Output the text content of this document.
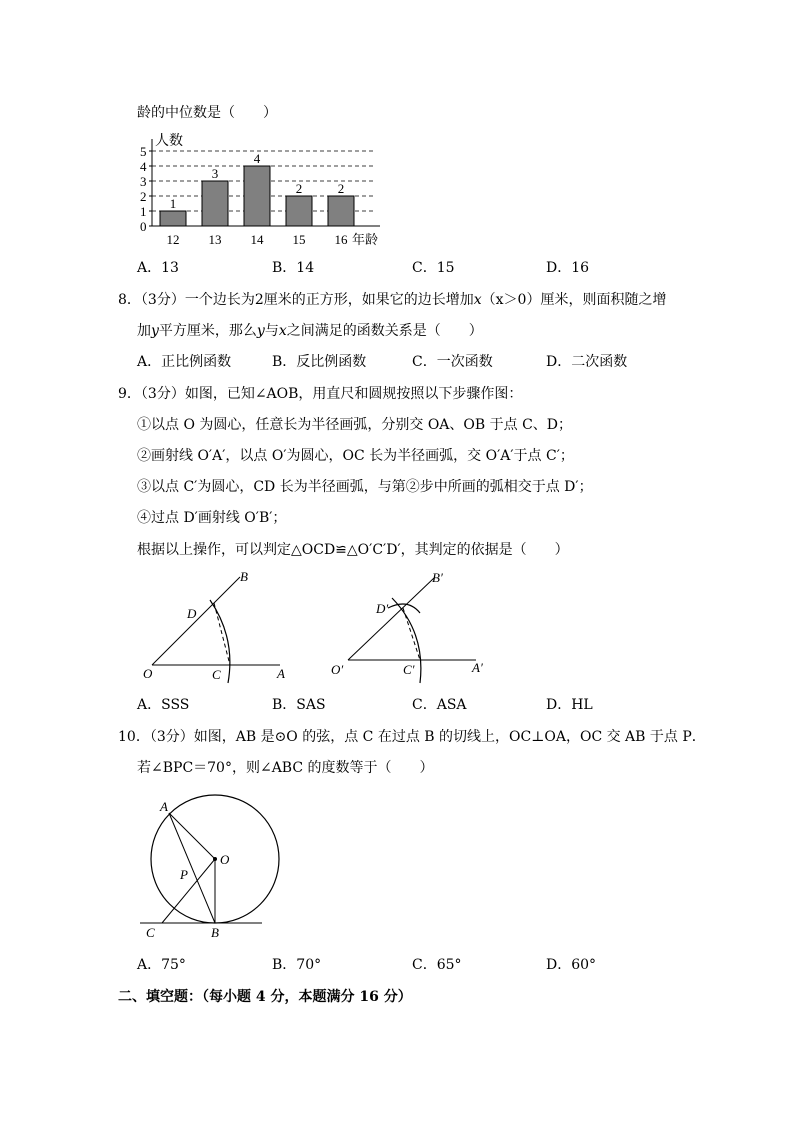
龄的中位数是（　　）
0
1
2
3
4
5
1
12
3
13
4
14
2
15
2
16
人数
年龄
A．13	B．14	C．15	D．16
8．（3分）一个边长为2厘米的正方形，如果它的边长增加x（x＞0）厘米，则面积随之增
加y平方厘米，那么y与x之间满足的函数关系是（　　）
A．正比例函数	B．反比例函数	C．一次函数	D．二次函数
9．（3分）如图，已知∠AOB，用直尺和圆规按照以下步骤作图：
①以点 O 为圆心，任意长为半径画弧，分别交 OA、OB 于点 C、D；
②画射线 O′A′，以点 O′为圆心，OC 长为半径画弧，交 O′A′于点 C′；
③以点 C′为圆心，CD 长为半径画弧，与第②步中所画的弧相交于点 D′；
④过点 D′画射线 O′B′；
根据以上操作，可以判定△OCD≌△O′C′D′，其判定的依据是（　　）
O	A
B
C
D
O′	A′
B′
C′
D′
A．SSS	B．SAS	C．ASA	D．HL
10．（3分）如图，AB 是⊙O 的弦，点 C 在过点 B 的切线上，OC⊥OA，OC 交 AB 于点 P．
若∠BPC＝70°，则∠ABC 的度数等于（　　）
A
O
P
C	B
A．75°	B．70°	C．65°	D．60°
二、填空题：（每小题 4 分，本题满分 16 分）
